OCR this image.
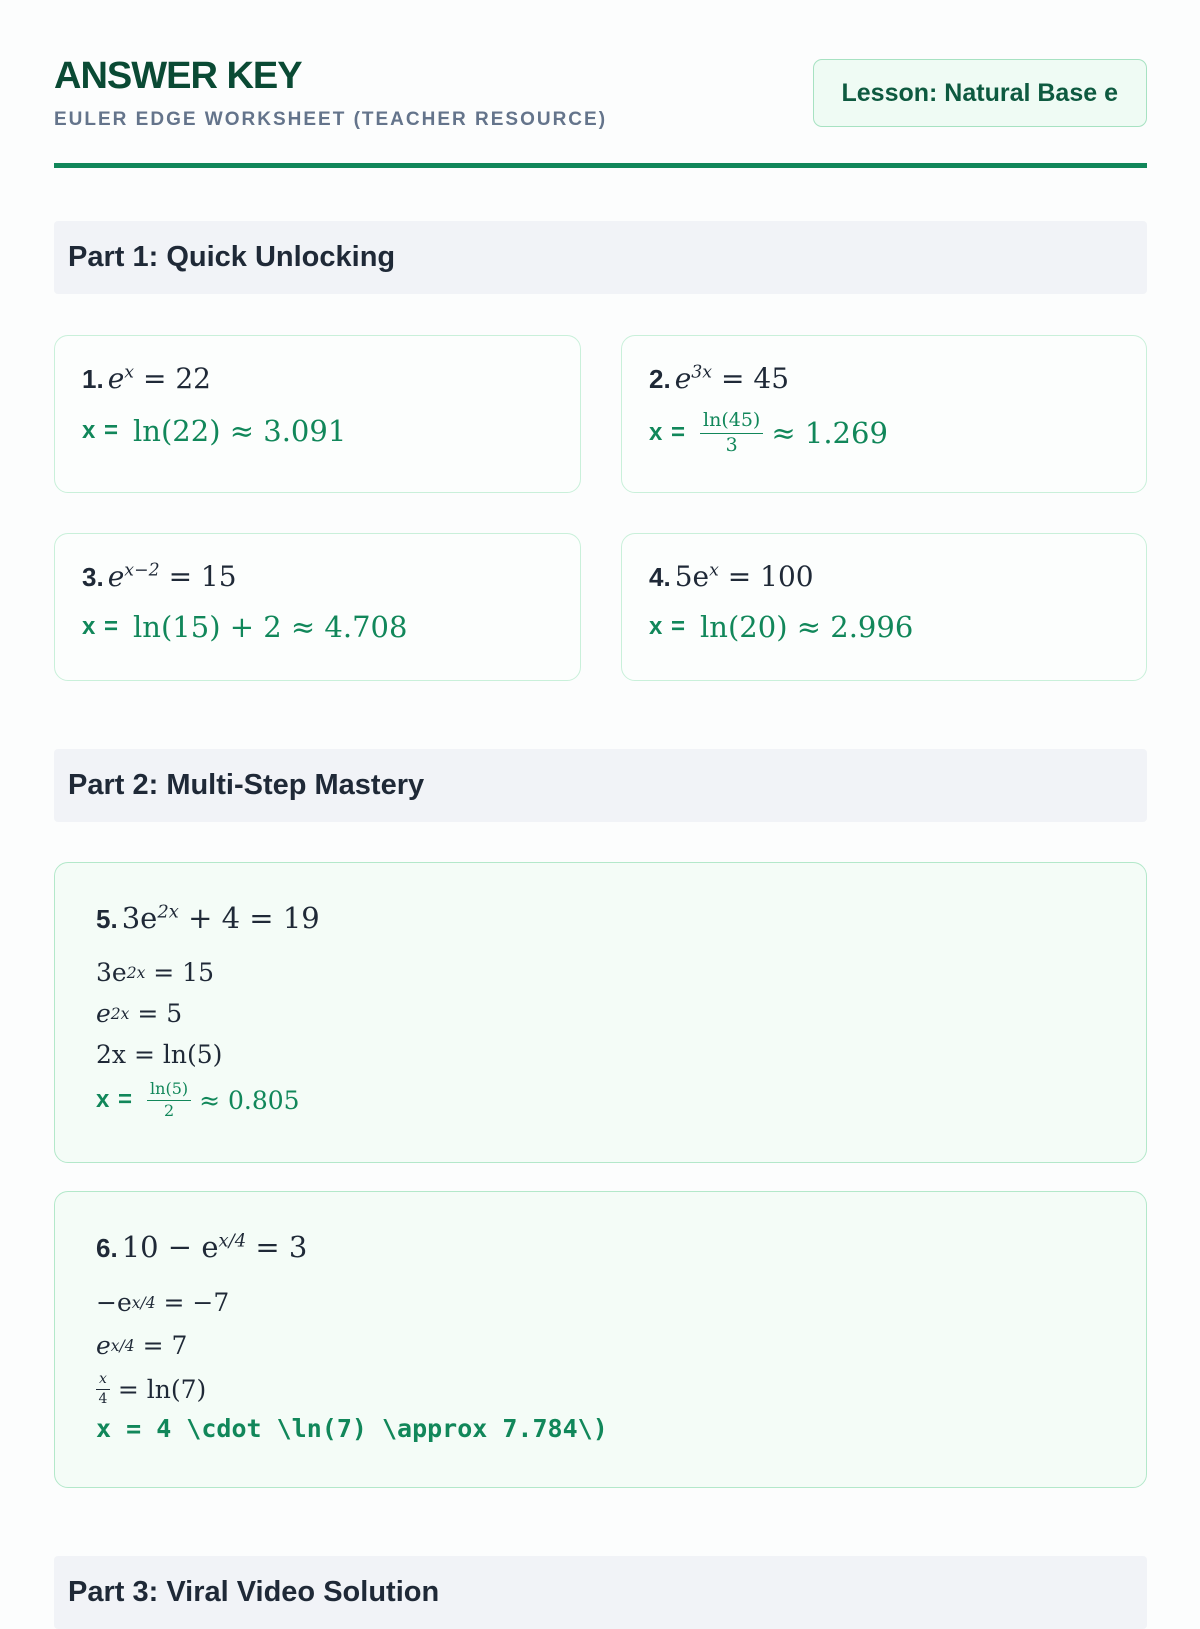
ANSWER KEY

EULER EDGE WORKSHEET (TEACHER RESOURCE)

Lesson: Natural Base e
Part 1: Quick Unlocking
1. $e^x = 22$
x = ln(22) ≈ 3.091
2. $e^{3x} = 45$
$x = \frac{\ln(45)}{3} \approx 1.269$
3. $e^{x-2} = 15$
x = ln(15) + 2 ≈ 4.708
4. $5e^x = 100$
x = ln(20) ≈ 2.996
Part 2: Multi-Step Mastery
5. $3e^{2x} + 4 = 19$
3e 2x
= 15
e 2x
= 5
2x = ln(5)
$x = \frac{\ln(5)}{2} \approx 0.805$
6. $10 - e^{x/4} = 3$
−e x/4
= −7
e x/4
= 7
$\frac{x}{4} = \ln(7)$
x = 4 \cdot \ln(7) \approx 7.784\)
Part 3: Viral Video Solution
